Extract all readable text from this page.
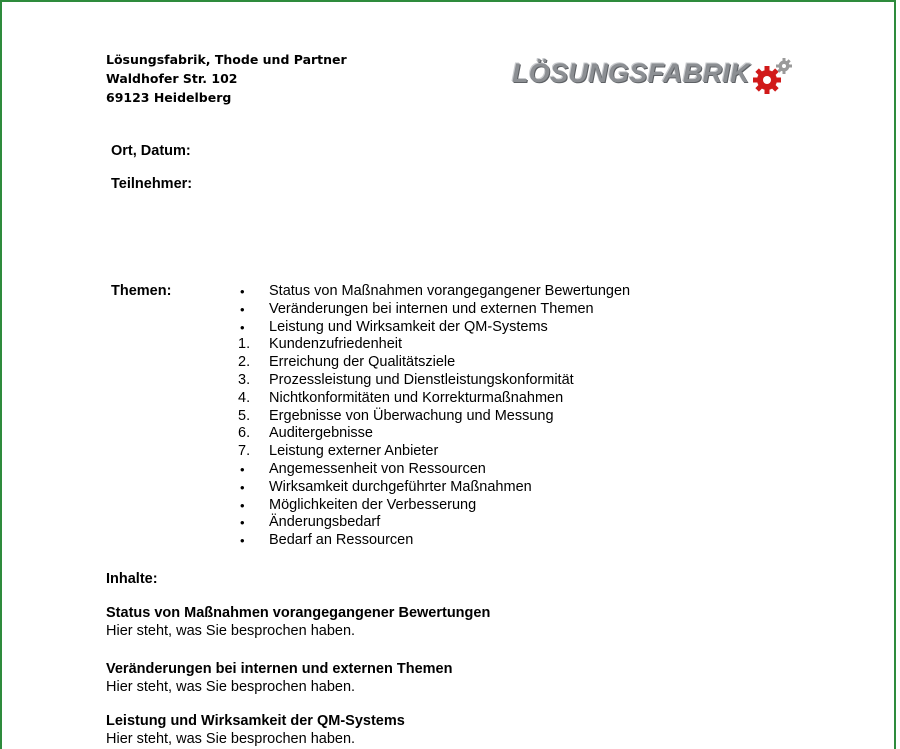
Lösungsfabrik, Thode und Partner
Waldhofer Str. 102
69123 Heidelberg
LÖSUNGSFABRIK
Ort, Datum:
Teilnehmer:
Themen:	•	Status von Maßnahmen vorangegangener Bewertungen
•	Veränderungen bei internen und externen Themen
•	Leistung und Wirksamkeit der QM-Systems
1.	Kundenzufriedenheit
2.	Erreichung der Qualitätsziele
3.	Prozessleistung und Dienstleistungskonformität
4.	Nichtkonformitäten und Korrekturmaßnahmen
5.	Ergebnisse von Überwachung und Messung
6.	Auditergebnisse
7.	Leistung externer Anbieter
•	Angemessenheit von Ressourcen
•	Wirksamkeit durchgeführter Maßnahmen
•	Möglichkeiten der Verbesserung
•	Änderungsbedarf
•	Bedarf an Ressourcen
Inhalte:
Status von Maßnahmen vorangegangener Bewertungen
Hier steht, was Sie besprochen haben.
Veränderungen bei internen und externen Themen
Hier steht, was Sie besprochen haben.
Leistung und Wirksamkeit der QM-Systems
Hier steht, was Sie besprochen haben.
